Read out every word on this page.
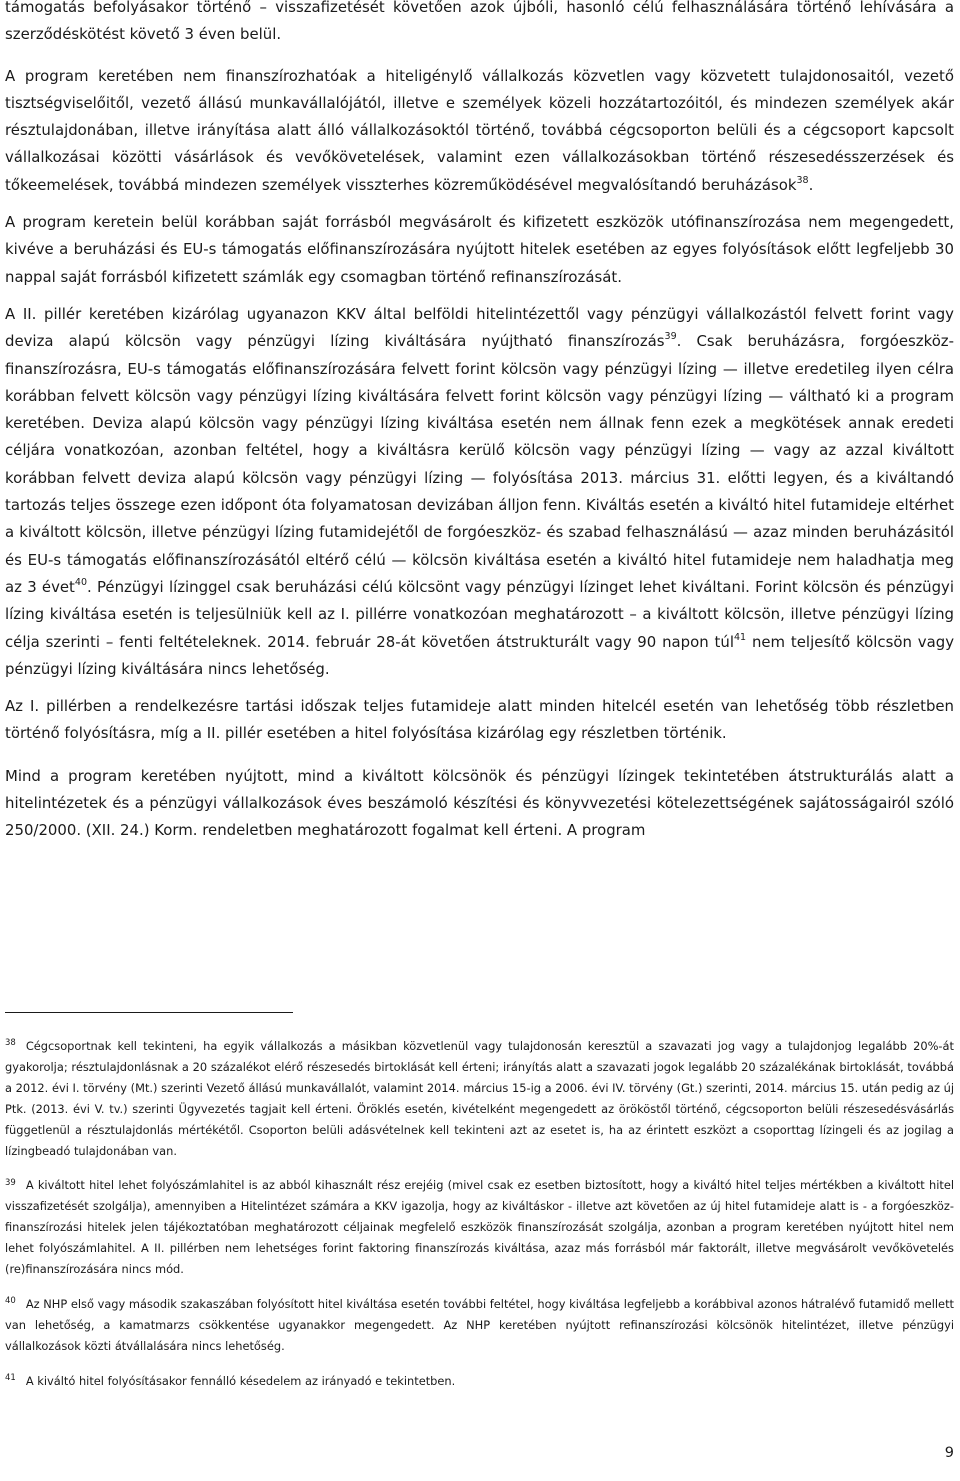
támogatás befolyásakor történő – visszafizetését követően azok újbóli, hasonló célú felhasználására történő lehívására a szerződéskötést követő 3 éven belül.

A program keretében nem finanszírozhatóak a hiteligénylő vállalkozás közvetlen vagy közvetett tulajdonosaitól, vezető tisztségviselőitől, vezető állású munkavállalójától, illetve e személyek közeli hozzátartozóitól, és mindezen személyek akár résztulajdonában, illetve irányítása alatt álló vállalkozásoktól történő, továbbá cégcsoporton belüli és a cégcsoport kapcsolt vállalkozásai közötti vásárlások és vevőkövetelések, valamint ezen vállalkozásokban történő részesedésszerzések és tőkeemelések, továbbá mindezen személyek visszterhes közreműködésével megvalósítandó beruházások$^{38}$.

A program keretein belül korábban saját forrásból megvásárolt és kifizetett eszközök utófinanszírozása nem megengedett, kivéve a beruházási és EU-s támogatás előfinanszírozására nyújtott hitelek esetében az egyes folyósítások előtt legfeljebb 30 nappal saját forrásból kifizetett számlák egy csomagban történő refinanszírozását.

A II. pillér keretében kizárólag ugyanazon KKV által belföldi hitelintézettől vagy pénzügyi vállalkozástól felvett forint vagy deviza alapú kölcsön vagy pénzügyi lízing kiváltására nyújtható finanszírozás$^{39}$. Csak beruházásra, forgóeszköz-finanszírozásra, EU-s támogatás előfinanszírozására felvett forint kölcsön vagy pénzügyi lízing — illetve eredetileg ilyen célra korábban felvett kölcsön vagy pénzügyi lízing kiváltására felvett forint kölcsön vagy pénzügyi lízing — váltható ki a program keretében. Deviza alapú kölcsön vagy pénzügyi lízing kiváltása esetén nem állnak fenn ezek a megkötések annak eredeti céljára vonatkozóan, azonban feltétel, hogy a kiváltásra kerülő kölcsön vagy pénzügyi lízing — vagy az azzal kiváltott korábban felvett deviza alapú kölcsön vagy pénzügyi lízing — folyósítása 2013. március 31. előtti legyen, és a kiváltandó tartozás teljes összege ezen időpont óta folyamatosan devizában álljon fenn. Kiváltás esetén a kiváltó hitel futamideje eltérhet a kiváltott kölcsön, illetve pénzügyi lízing futamidejétől de forgóeszköz- és szabad felhasználású — azaz minden beruházásitól és EU-s támogatás előfinanszírozásától eltérő célú — kölcsön kiváltása esetén a kiváltó hitel futamideje nem haladhatja meg az 3 évet$^{40}$. Pénzügyi lízinggel csak beruházási célú kölcsönt vagy pénzügyi lízinget lehet kiváltani. Forint kölcsön és pénzügyi lízing kiváltása esetén is teljesülniük kell az I. pillérre vonatkozóan meghatározott – a kiváltott kölcsön, illetve pénzügyi lízing célja szerinti – fenti feltételeknek. 2014. február 28-át követően átstrukturált vagy 90 napon túl$^{41}$ nem teljesítő kölcsön vagy pénzügyi lízing kiváltására nincs lehetőség.

Az I. pillérben a rendelkezésre tartási időszak teljes futamideje alatt minden hitelcél esetén van lehetőség több részletben történő folyósításra, míg a II. pillér esetében a hitel folyósítása kizárólag egy részletben történik.

Mind a program keretében nyújtott, mind a kiváltott kölcsönök és pénzügyi lízingek tekintetében átstrukturálás alatt a hitelintézetek és a pénzügyi vállalkozások éves beszámoló készítési és könyvvezetési kötelezettségének sajátosságairól szóló 250/2000. (XII. 24.) Korm. rendeletben meghatározott fogalmat kell érteni. A program

$^{38}$ Cégcsoportnak kell tekinteni, ha egyik vállalkozás a másikban közvetlenül vagy tulajdonosán keresztül a szavazati jog vagy a tulajdonjog legalább 20%-át gyakorolja; résztulajdonlásnak a 20 százalékot elérő részesedés birtoklását kell érteni; irányítás alatt a szavazati jogok legalább 20 százalékának birtoklását, továbbá a 2012. évi I. törvény (Mt.) szerinti Vezető állású munkavállalót, valamint 2014. március 15-ig a 2006. évi IV. törvény (Gt.) szerinti, 2014. március 15. után pedig az új Ptk. (2013. évi V. tv.) szerinti Ügyvezetés tagjait kell érteni. Öröklés esetén, kivételként megengedett az örököstől történő, cégcsoporton belüli részesedésvásárlás függetlenül a résztulajdonlás mértékétől. Csoporton belüli adásvételnek kell tekinteni azt az esetet is, ha az érintett eszközt a csoporttag lízingeli és az jogilag a lízingbeadó tulajdonában van.

$^{39}$ A kiváltott hitel lehet folyószámlahitel is az abból kihasznált rész erejéig (mivel csak ez esetben biztosított, hogy a kiváltó hitel teljes mértékben a kiváltott hitel visszafizetését szolgálja), amennyiben a Hitelintézet számára a KKV igazolja, hogy az kiváltáskor - illetve azt követően az új hitel futamideje alatt is - a forgóeszköz-finanszírozási hitelek jelen tájékoztatóban meghatározott céljainak megfelelő eszközök finanszírozását szolgálja, azonban a program keretében nyújtott hitel nem lehet folyószámlahitel. A II. pillérben nem lehetséges forint faktoring finanszírozás kiváltása, azaz más forrásból már faktorált, illetve megvásárolt vevőkövetelés (re)finanszírozására nincs mód.

$^{40}$ Az NHP első vagy második szakaszában folyósított hitel kiváltása esetén további feltétel, hogy kiváltása legfeljebb a korábbival azonos hátralévő futamidő mellett van lehetőség, a kamatmarzs csökkentése ugyanakkor megengedett. Az NHP keretében nyújtott refinanszírozási kölcsönök hitelintézet, illetve pénzügyi vállalkozások közti átvállalására nincs lehetőség.

$^{41}$ A kiváltó hitel folyósításakor fennálló késedelem az irányadó e tekintetben.

9
